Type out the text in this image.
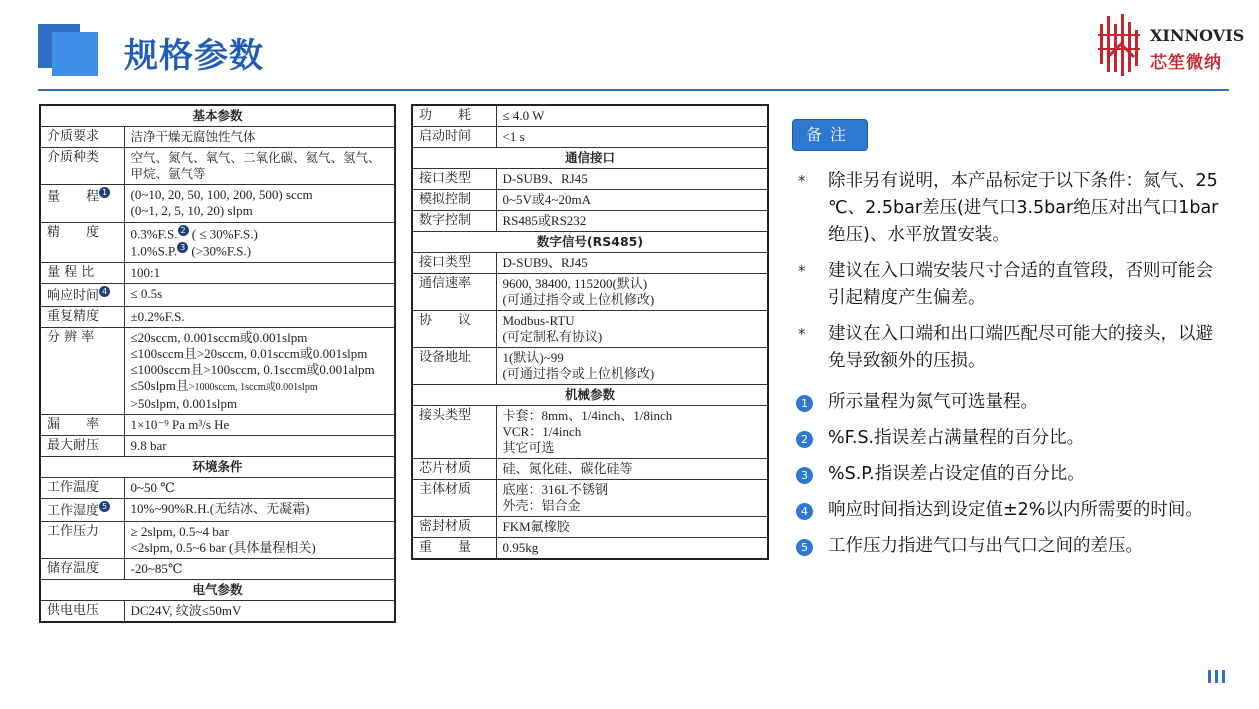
规格参数
XINNOVIS
芯笙微纳
基本参数	
介质要求	洁净干燥无腐蚀性气体
介质种类	空气、氮气、氧气、二氧化碳、氦气、氢气、甲烷、氩气等
量　　程 1	(0~10, 20, 50, 100, 200, 500) sccm
(0~1, 2, 5, 10, 20) slpm

精　　度	0.3%F.S. 2 ( ≤ 30%F.S.)
1.0%S.P. 3 (>30%F.S.)

量 程 比	100:1
响应时间 4	≤ 0.5s
重复精度	±0.2%F.S.
分 辨 率	≤20sccm, 0.001sccm或0.001slpm
≤100sccm且>20sccm, 0.01sccm或0.001slpm
≤1000sccm且>100sccm, 0.1sccm或0.001alpm
≤50slpm且>1000sccm, 1sccm或0.001slpm
>50slpm, 0.001slpm

漏　　率	1×10⁻⁹ Pa m³/s He
最大耐压	9.8 bar
环境条件	
工作温度	0~50 ℃
工作湿度 5	10%~90%R.H.(无结冰、无凝霜)
工作压力	≥ 2slpm, 0.5~4 bar
<2slpm, 0.5~6 bar (具体量程相关)

储存温度	-20~85℃
电气参数	
供电电压	DC24V, 纹波≤50mV
功　　耗	≤ 4.0 W
启动时间	<1 s
通信接口	
接口类型	D-SUB9、RJ45
模拟控制	0~5V或4~20mA
数字控制	RS485或RS232
数字信号(RS485)	
接口类型	D-SUB9、RJ45
通信速率	9600, 38400, 115200(默认)
(可通过指令或上位机修改)

协　　议	Modbus-RTU
(可定制私有协议)

设备地址	1(默认)~99
(可通过指令或上位机修改)

机械参数	
接头类型	卡套：8mm、1/4inch、1/8inch
VCR：1/4inch
其它可选

芯片材质	硅、氮化硅、碳化硅等
主体材质	底座：316L不锈钢
外壳：铝合金

密封材质	FKM氟橡胶
重　　量	0.95kg
备注
* 除非另有说明，本产品标定于以下条件：氮气、25 ℃、2.5bar差压(进气口3.5bar绝压对出气口1bar绝压)、水平放置安装。
* 建议在入口端安装尺寸合适的直管段，否则可能会引起精度产生偏差。
* 建议在入口端和出口端匹配尽可能大的接头，以避免导致额外的压损。
1 所示量程为氮气可选量程。
2 %F.S.指误差占满量程的百分比。
3 %S.P.指误差占设定值的百分比。
4 响应时间指达到设定值±2%以内所需要的时间。
5 工作压力指进气口与出气口之间的差压。
